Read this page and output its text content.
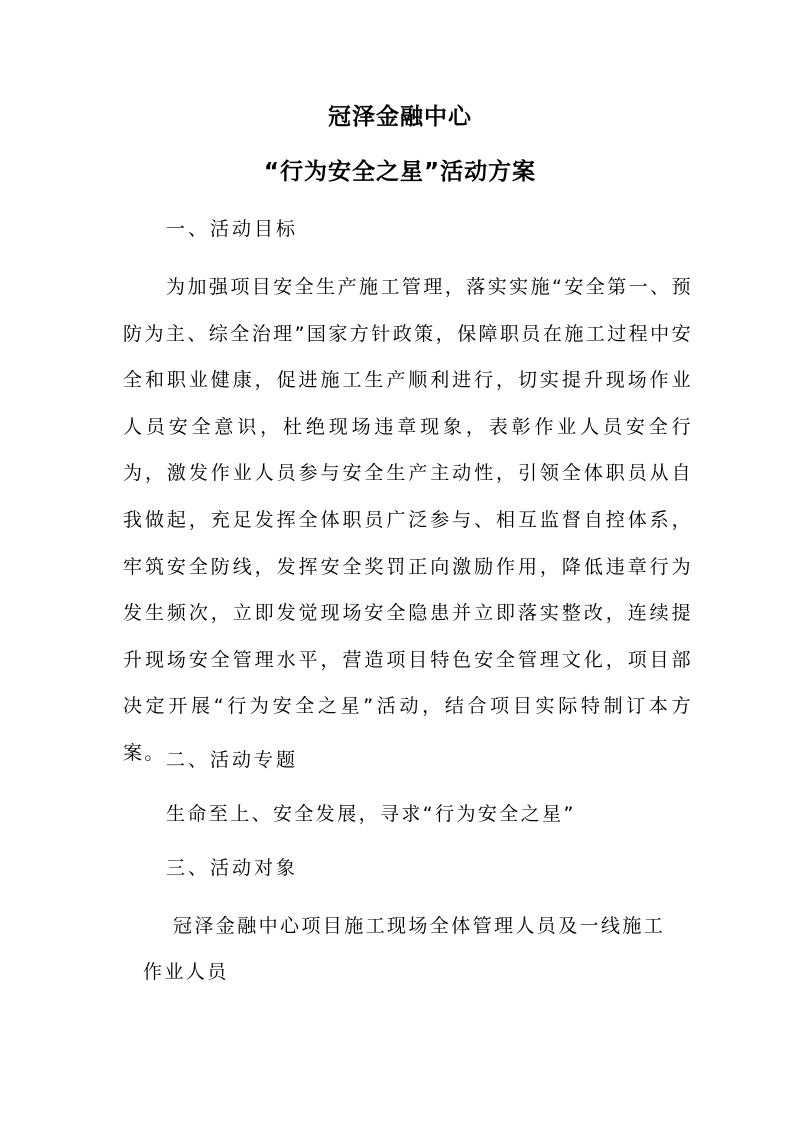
冠泽金融中心
“行为安全之星”活动方案
一、活动目标
为加强项目安全生产施工管理，落实实施“安全第一、预防为主、综全治理”国家方针政策，保障职员在施工过程中安全和职业健康，促进施工生产顺利进行，切实提升现场作业人员安全意识，杜绝现场违章现象，表彰作业人员安全行为，激发作业人员参与安全生产主动性，引领全体职员从自我做起，充足发挥全体职员广泛参与、相互监督自控体系，牢筑安全防线，发挥安全奖罚正向激励作用，降低违章行为发生频次，立即发觉现场安全隐患并立即落实整改，连续提升现场安全管理水平，营造项目特色安全管理文化，项目部决定开展“行为安全之星”活动，结合项目实际特制订本方案。 二、活动专题
生命至上、安全发展，寻求“行为安全之星”
三、活动对象
冠泽金融中心项目施工现场全体管理人员及一线施工作业人员
